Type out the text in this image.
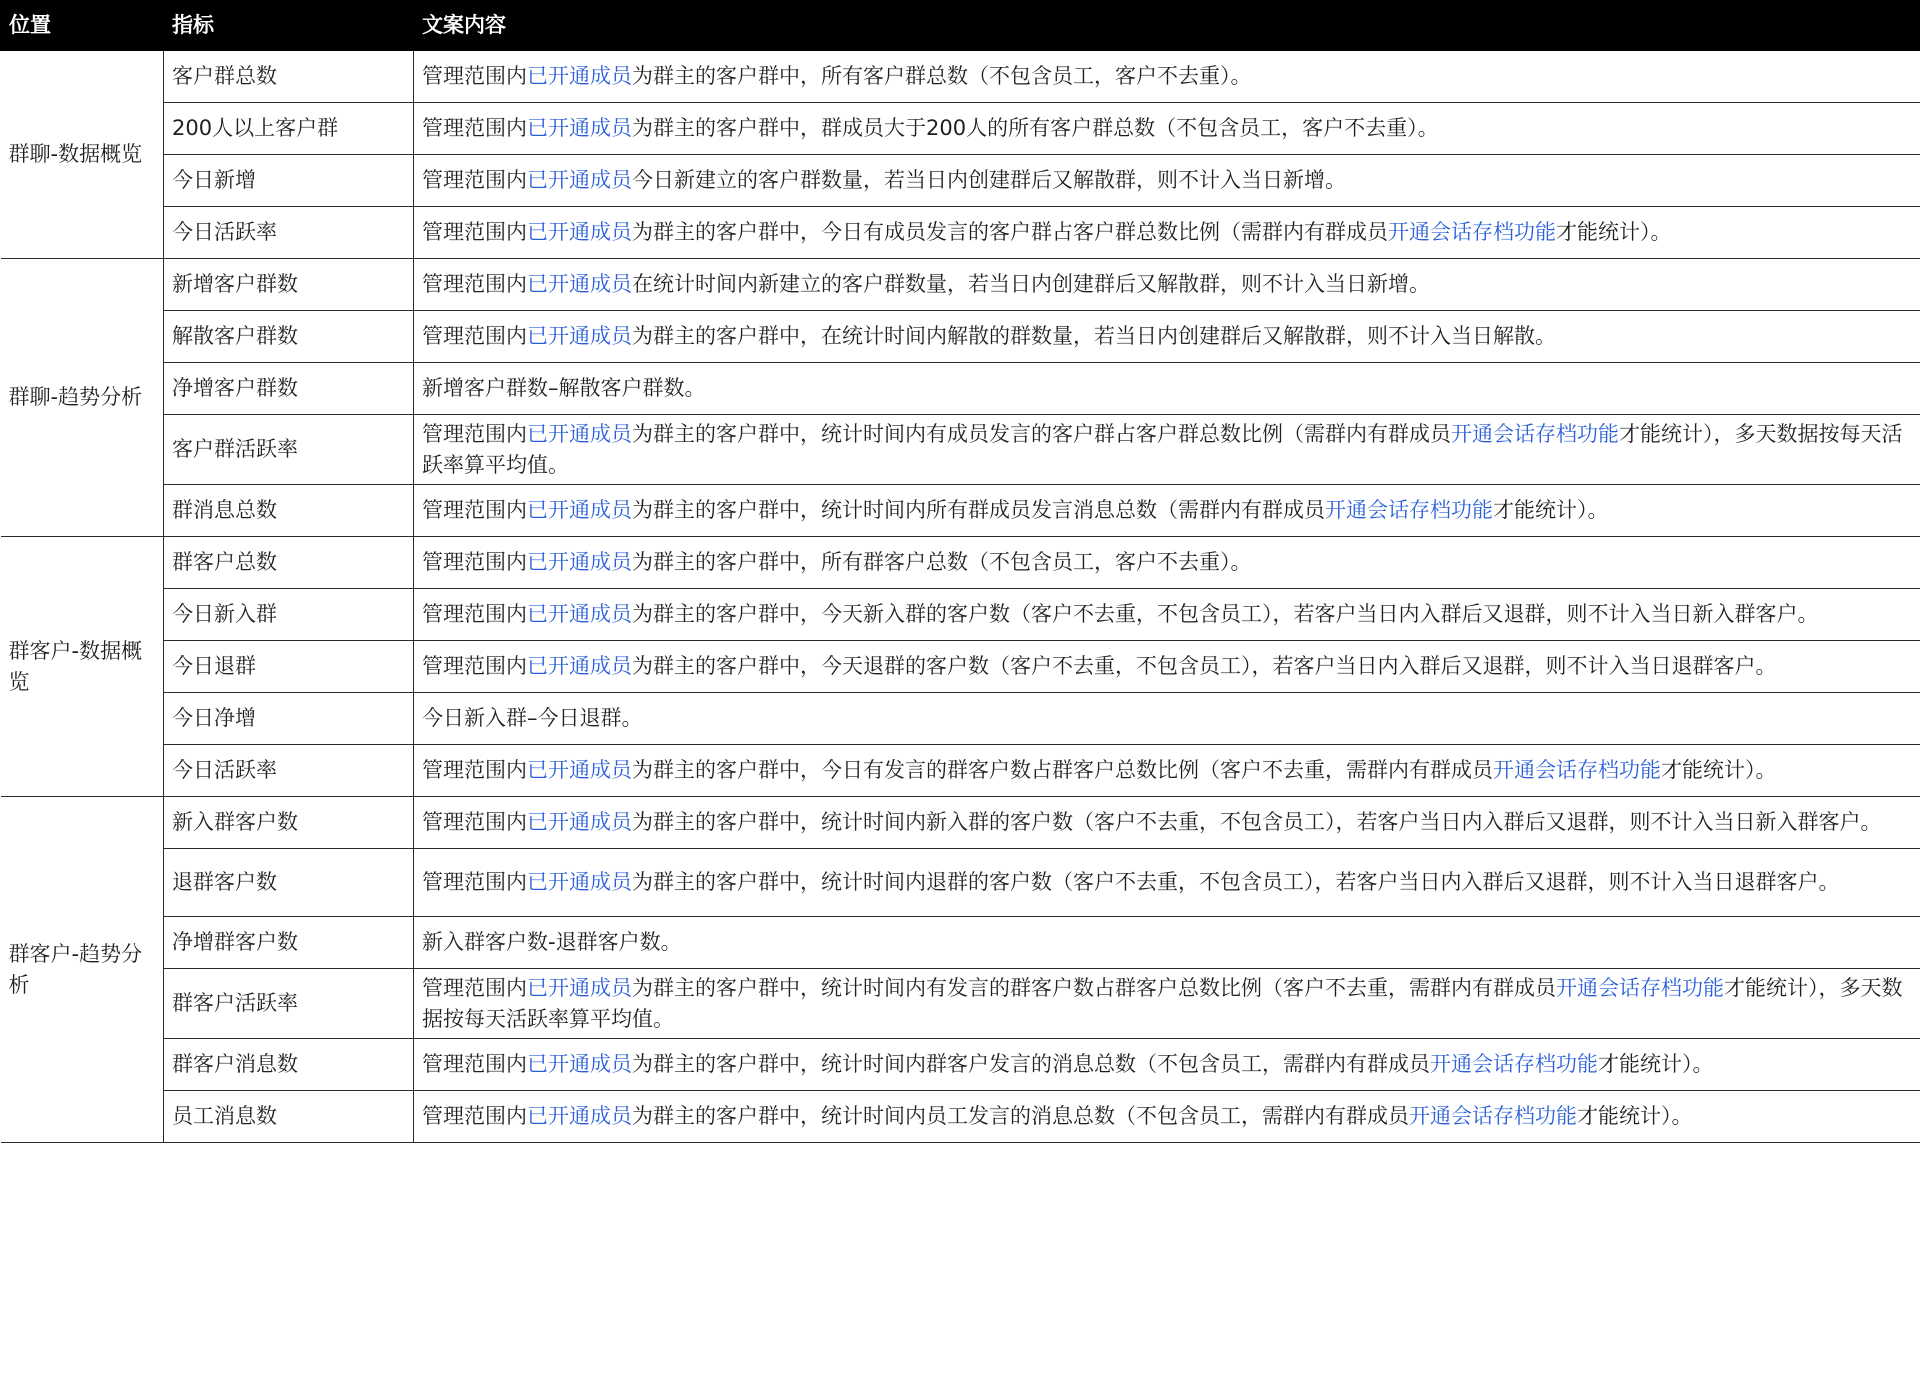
位置	指标	文案内容
群聊-数据概览	客户群总数	管理范围内已开通成员为群主的客户群中，所有客户群总数（不包含员工，客户不去重）。
	200人以上客户群	管理范围内已开通成员为群主的客户群中，群成员大于200人的所有客户群总数（不包含员工，客户不去重）。
	今日新增	管理范围内已开通成员今日新建立的客户群数量，若当日内创建群后又解散群，则不计入当日新增。
	今日活跃率	管理范围内已开通成员为群主的客户群中，今日有成员发言的客户群占客户群总数比例（需群内有群成员开通会话存档功能才能统计）。
群聊-趋势分析	新增客户群数	管理范围内已开通成员在统计时间内新建立的客户群数量，若当日内创建群后又解散群，则不计入当日新增。
	解散客户群数	管理范围内已开通成员为群主的客户群中，在统计时间内解散的群数量，若当日内创建群后又解散群，则不计入当日解散。
	净增客户群数	新增客户群数–解散客户群数。
	客户群活跃率	管理范围内已开通成员为群主的客户群中，统计时间内有成员发言的客户群占客户群总数比例（需群内有群成员开通会话存档功能才能统计），多天数据按每天活跃率算平均值。
	群消息总数	管理范围内已开通成员为群主的客户群中，统计时间内所有群成员发言消息总数（需群内有群成员开通会话存档功能才能统计）。
群客户-数据概览	群客户总数	管理范围内已开通成员为群主的客户群中，所有群客户总数（不包含员工，客户不去重）。
	今日新入群	管理范围内已开通成员为群主的客户群中，今天新入群的客户数（客户不去重，不包含员工），若客户当日内入群后又退群，则不计入当日新入群客户。
	今日退群	管理范围内已开通成员为群主的客户群中，今天退群的客户数（客户不去重，不包含员工），若客户当日内入群后又退群，则不计入当日退群客户。
	今日净增	今日新入群–今日退群。
	今日活跃率	管理范围内已开通成员为群主的客户群中，今日有发言的群客户数占群客户总数比例（客户不去重，需群内有群成员开通会话存档功能才能统计）。
群客户-趋势分析	新入群客户数	管理范围内已开通成员为群主的客户群中，统计时间内新入群的客户数（客户不去重，不包含员工），若客户当日内入群后又退群，则不计入当日新入群客户。
	退群客户数	管理范围内已开通成员为群主的客户群中，统计时间内退群的客户数（客户不去重，不包含员工），若客户当日内入群后又退群，则不计入当日退群客户。
	净增群客户数	新入群客户数-退群客户数。
	群客户活跃率	管理范围内已开通成员为群主的客户群中，统计时间内有发言的群客户数占群客户总数比例（客户不去重，需群内有群成员开通会话存档功能才能统计），多天数据按每天活跃率算平均值。
	群客户消息数	管理范围内已开通成员为群主的客户群中，统计时间内群客户发言的消息总数（不包含员工，需群内有群成员开通会话存档功能才能统计）。
	员工消息数	管理范围内已开通成员为群主的客户群中，统计时间内员工发言的消息总数（不包含员工，需群内有群成员开通会话存档功能才能统计）。
